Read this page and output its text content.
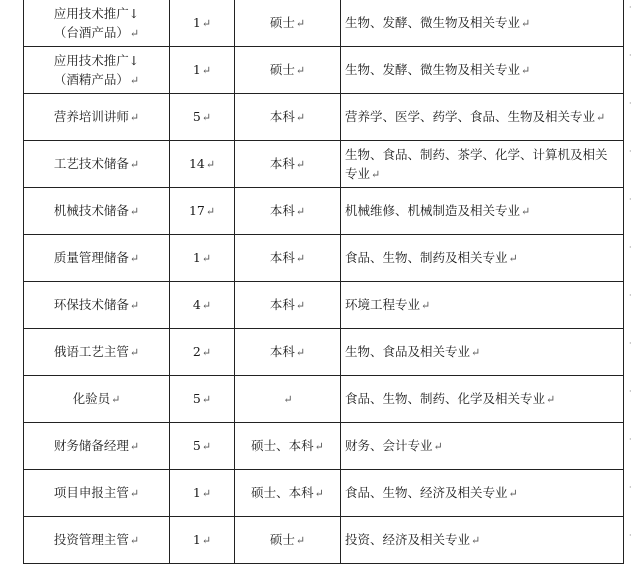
应用技术推广↓
（台酒产品）↵	1↵	硕士↵	生物、发酵、微生物及相关专业↵

应用技术推广↓
（酒精产品）↵	1↵	硕士↵	生物、发酵、微生物及相关专业↵

营养培训讲师↵	5↵	本科↵	营养学、医学、药学、食品、生物及相关专业↵

工艺技术储备↵	14↵	本科↵	生物、食品、制药、茶学、化学、计算机及相关专业↵

机械技术储备↵	17↵	本科↵	机械维修、机械制造及相关专业↵

质量管理储备↵	1↵	本科↵	食品、生物、制药及相关专业↵

环保技术储备↵	4↵	本科↵	环境工程专业↵

俄语工艺主管↵	2↵	本科↵	生物、食品及相关专业↵

化验员↵	5↵	↵	食品、生物、制药、化学及相关专业↵

财务储备经理↵	5↵	硕士、本科↵	财务、会计专业↵

项目申报主管↵	1↵	硕士、本科↵	食品、生物、经济及相关专业↵

投资管理主管↵	1↵	硕士↵	投资、经济及相关专业↵
·
·
·
·
·
·
·
·
·
·
·
·
